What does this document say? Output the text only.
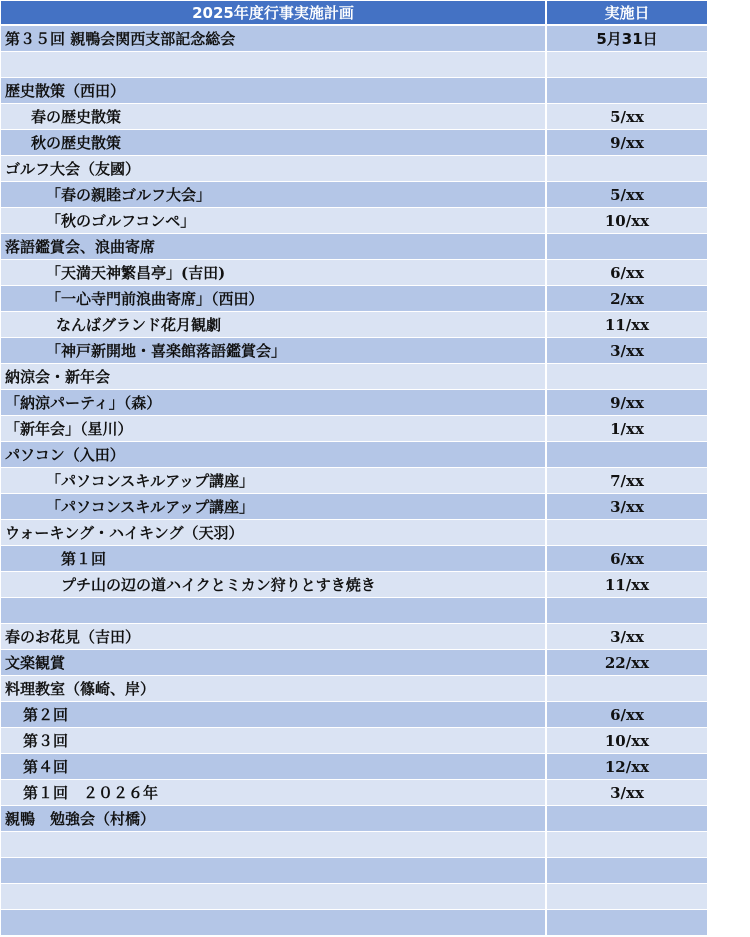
2025年度行事実施計画	実施日
第３５回 親鴨会関西支部記念総会	5月31日
歴史散策（西田）
春の歴史散策	5/xx
秋の歴史散策	9/xx
ゴルフ大会（友國）
「春の親睦ゴルフ大会」	5/xx
「秋のゴルフコンペ」	10/xx
落語鑑賞会、浪曲寄席
「天満天神繁昌亭」(吉田)	6/xx
「一心寺門前浪曲寄席」（西田）	2/xx
なんばグランド花月観劇	11/xx
「神戸新開地・喜楽館落語鑑賞会」	3/xx
納涼会・新年会
「納涼パーティ」（森）	9/xx
「新年会」（星川）	1/xx
パソコン（入田）
「パソコンスキルアップ講座」	7/xx
「パソコンスキルアップ講座」	3/xx
ウォーキング・ハイキング（天羽）
第１回	6/xx
プチ山の辺の道ハイクとミカン狩りとすき焼き	11/xx
春のお花見（吉田）	3/xx
文楽観賞	22/xx
料理教室（篠崎、岸）
第２回	6/xx
第３回	10/xx
第４回	12/xx
第１回　２０２６年	3/xx
親鴨　勉強会（村橋）
